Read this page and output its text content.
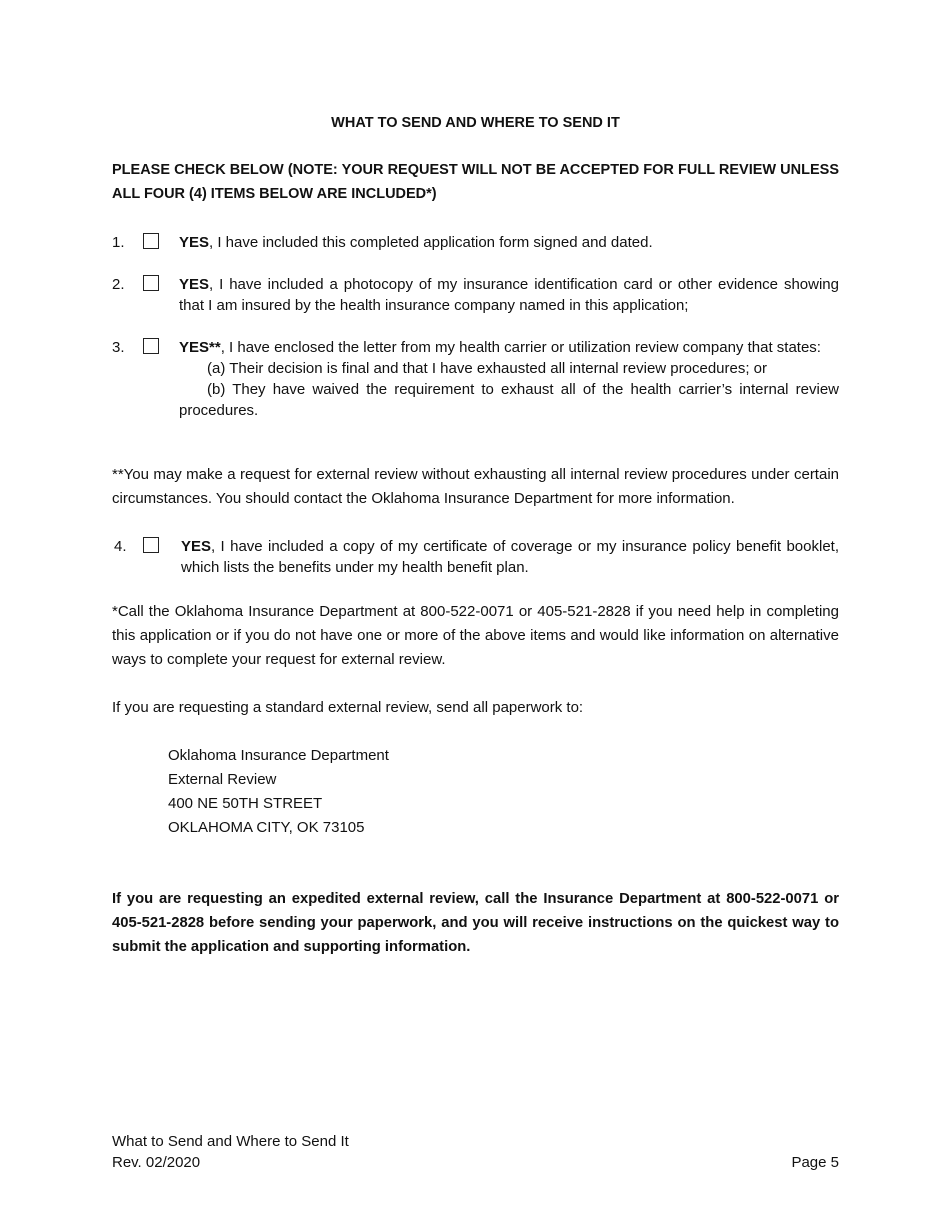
WHAT TO SEND AND WHERE TO SEND IT
PLEASE CHECK BELOW (NOTE: YOUR REQUEST WILL NOT BE ACCEPTED FOR FULL REVIEW UNLESS ALL FOUR (4) ITEMS BELOW ARE INCLUDED*)
1.	YES, I have included this completed application form signed and dated.
2.	YES, I have included a photocopy of my insurance identification card or other evidence showing that I am insured by the health insurance company named in this application;
3.	YES**, I have enclosed the letter from my health carrier or utilization review company that states:
(a) Their decision is final and that I have exhausted all internal review procedures; or
(b) They have waived the requirement to exhaust all of the health carrier’s internal review procedures.
**You may make a request for external review without exhausting all internal review procedures under certain circumstances. You should contact the Oklahoma Insurance Department for more information.
4.	YES, I have included a copy of my certificate of coverage or my insurance policy benefit booklet, which lists the benefits under my health benefit plan.
*Call the Oklahoma Insurance Department at 800-522-0071 or 405-521-2828 if you need help in completing this application or if you do not have one or more of the above items and would like information on alternative ways to complete your request for external review.
If you are requesting a standard external review, send all paperwork to:
Oklahoma Insurance Department
External Review
400 NE 50TH STREET
OKLAHOMA CITY, OK 73105
If you are requesting an expedited external review, call the Insurance Department at 800-522-0071 or 405-521-2828 before sending your paperwork, and you will receive instructions on the quickest way to submit the application and supporting information.
What to Send and Where to Send It
Rev. 02/2020	Page 5
